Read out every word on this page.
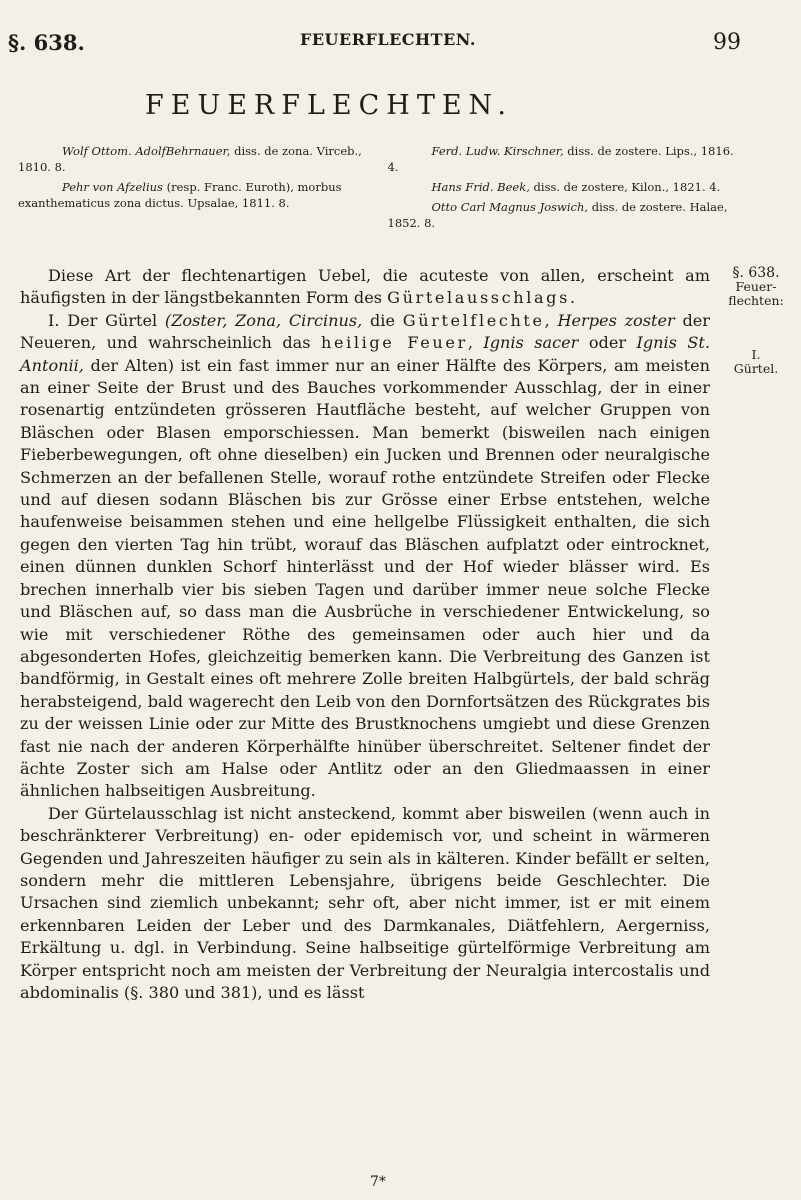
§. 638.	FEUERFLECHTEN.	99
FEUERFLECHTEN.

Wolf Ottom. AdolfBehrnauer, diss. de zona. Virceb., 1810. 8.

Pehr von Afzelius (resp. Franc. Euroth), morbus exanthematicus zona dictus. Upsalae, 1811. 8.

Ferd. Ludw. Kirschner, diss. de zostere. Lips., 1816. 4.

Hans Frid. Beek, diss. de zostere, Kilon., 1821. 4.

Otto Carl Magnus Joswich, diss. de zostere. Halae, 1852. 8.

§. 638.
Feuer-
flechten:
I.
Gürtel.

Diese Art der flechtenartigen Uebel, die acuteste von allen, erscheint am häufigsten in der längstbekannten Form des Gürtelausschlags.

I. Der Gürtel (Zoster, Zona, Circinus, die Gürtelflechte, Herpes zoster der Neueren, und wahrscheinlich das heilige Feuer, Ignis sacer oder Ignis St. Antonii, der Alten) ist ein fast immer nur an einer Hälfte des Körpers, am meisten an einer Seite der Brust und des Bauches vorkommender Ausschlag, der in einer rosenartig entzündeten grösseren Hautfläche besteht, auf welcher Gruppen von Bläschen oder Blasen emporschiessen. Man bemerkt (bisweilen nach einigen Fieberbewegungen, oft ohne dieselben) ein Jucken und Brennen oder neuralgische Schmerzen an der befallenen Stelle, worauf rothe entzündete Streifen oder Flecke und auf diesen sodann Bläschen bis zur Grösse einer Erbse entstehen, welche haufenweise beisammen stehen und eine hellgelbe Flüssigkeit enthalten, die sich gegen den vierten Tag hin trübt, worauf das Bläschen aufplatzt oder eintrocknet, einen dünnen dunklen Schorf hinterlässt und der Hof wieder blässer wird. Es brechen innerhalb vier bis sieben Tagen und darüber immer neue solche Flecke und Bläschen auf, so dass man die Ausbrüche in verschiedener Entwickelung, so wie mit verschiedener Röthe des gemeinsamen oder auch hier und da abgesonderten Hofes, gleichzeitig bemerken kann. Die Verbreitung des Ganzen ist bandförmig, in Gestalt eines oft mehrere Zolle breiten Halbgürtels, der bald schräg herabsteigend, bald wagerecht den Leib von den Dornfortsätzen des Rückgrates bis zu der weissen Linie oder zur Mitte des Brustknochens umgiebt und diese Grenzen fast nie nach der anderen Körperhälfte hinüber überschreitet. Seltener findet der ächte Zoster sich am Halse oder Antlitz oder an den Gliedmaassen in einer ähnlichen halbseitigen Ausbreitung.

Der Gürtelausschlag ist nicht ansteckend, kommt aber bisweilen (wenn auch in beschränkterer Verbreitung) en- oder epidemisch vor, und scheint in wärmeren Gegenden und Jahreszeiten häufiger zu sein als in kälteren. Kinder befällt er selten, sondern mehr die mittleren Lebensjahre, übrigens beide Geschlechter. Die Ursachen sind ziemlich unbekannt; sehr oft, aber nicht immer, ist er mit einem erkennbaren Leiden der Leber und des Darmkanales, Diätfehlern, Aergerniss, Erkältung u. dgl. in Verbindung. Seine halbseitige gürtelförmige Verbreitung am Körper entspricht noch am meisten der Verbreitung der Neuralgia intercostalis und abdominalis (§. 380 und 381), und es lässt

7*
